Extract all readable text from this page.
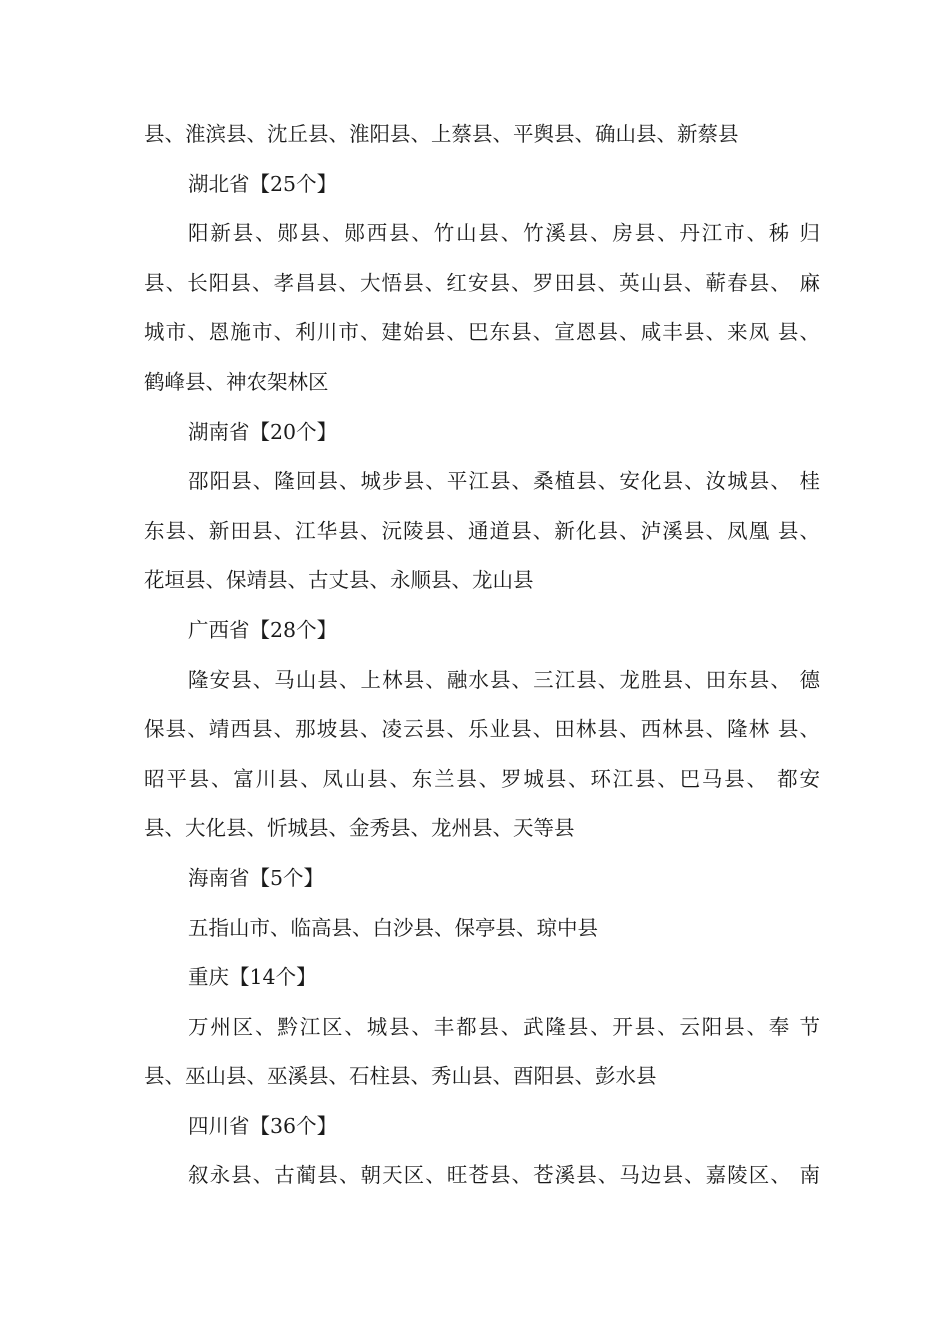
县、淮滨县、沈丘县、淮阳县、上蔡县、平舆县、确山县、新蔡县
湖北省【25个】
阳新县、郧县、郧西县、竹山县、竹溪县、房县、丹江市、秭 归
县、长阳县、孝昌县、大悟县、红安县、罗田县、英山县、蕲春县、 麻
城市、恩施市、利川市、建始县、巴东县、宣恩县、咸丰县、来凤 县、
鹤峰县、神农架林区
湖南省【20个】
邵阳县、隆回县、城步县、平江县、桑植县、安化县、汝城县、 桂
东县、新田县、江华县、沅陵县、通道县、新化县、泸溪县、凤凰 县、
花垣县、保靖县、古丈县、永顺县、龙山县
广西省【28个】
隆安县、马山县、上林县、融水县、三江县、龙胜县、田东县、 德
保县、靖西县、那坡县、凌云县、乐业县、田林县、西林县、隆林 县、
昭平县、富川县、凤山县、东兰县、罗城县、环江县、巴马县、 都安
县、大化县、忻城县、金秀县、龙州县、天等县
海南省【5个】
五指山市、临高县、白沙县、保亭县、琼中县
重庆【14个】
万州区、黔江区、城县、丰都县、武隆县、开县、云阳县、奉 节
县、巫山县、巫溪县、石柱县、秀山县、酉阳县、彭水县
四川省【36个】
叙永县、古蔺县、朝天区、旺苍县、苍溪县、马边县、嘉陵区、 南
